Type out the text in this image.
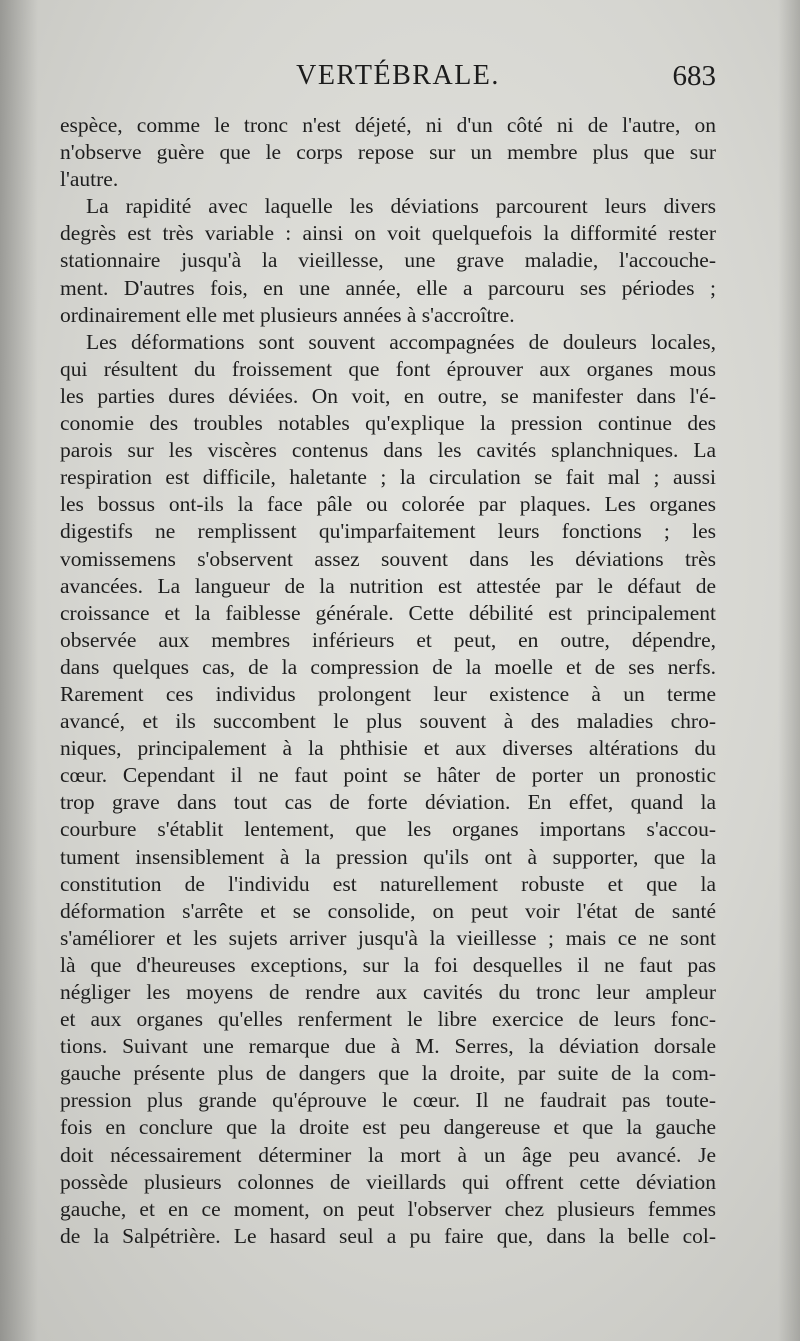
VERTÉBRALE.	683
espèce, comme le tronc n'est déjeté, ni d'un côté ni de l'autre, on
n'observe guère que le corps repose sur un membre plus que sur
l'autre.
La rapidité avec laquelle les déviations parcourent leurs divers
degrès est très variable : ainsi on voit quelquefois la difformité rester
stationnaire jusqu'à la vieillesse, une grave maladie, l'accouche-
ment. D'autres fois, en une année, elle a parcouru ses périodes ;
ordinairement elle met plusieurs années à s'accroître.
Les déformations sont souvent accompagnées de douleurs locales,
qui résultent du froissement que font éprouver aux organes mous
les parties dures déviées. On voit, en outre, se manifester dans l'é-
conomie des troubles notables qu'explique la pression continue des
parois sur les viscères contenus dans les cavités splanchniques. La
respiration est difficile, haletante ; la circulation se fait mal ; aussi
les bossus ont-ils la face pâle ou colorée par plaques. Les organes
digestifs ne remplissent qu'imparfaitement leurs fonctions ; les
vomissemens s'observent assez souvent dans les déviations très
avancées. La langueur de la nutrition est attestée par le défaut de
croissance et la faiblesse générale. Cette débilité est principalement
observée aux membres inférieurs et peut, en outre, dépendre,
dans quelques cas, de la compression de la moelle et de ses nerfs.
Rarement ces individus prolongent leur existence à un terme
avancé, et ils succombent le plus souvent à des maladies chro-
niques, principalement à la phthisie et aux diverses altérations du
cœur. Cependant il ne faut point se hâter de porter un pronostic
trop grave dans tout cas de forte déviation. En effet, quand la
courbure s'établit lentement, que les organes importans s'accou-
tument insensiblement à la pression qu'ils ont à supporter, que la
constitution de l'individu est naturellement robuste et que la
déformation s'arrête et se consolide, on peut voir l'état de santé
s'améliorer et les sujets arriver jusqu'à la vieillesse ; mais ce ne sont
là que d'heureuses exceptions, sur la foi desquelles il ne faut pas
négliger les moyens de rendre aux cavités du tronc leur ampleur
et aux organes qu'elles renferment le libre exercice de leurs fonc-
tions. Suivant une remarque due à M. Serres, la déviation dorsale
gauche présente plus de dangers que la droite, par suite de la com-
pression plus grande qu'éprouve le cœur. Il ne faudrait pas toute-
fois en conclure que la droite est peu dangereuse et que la gauche
doit nécessairement déterminer la mort à un âge peu avancé. Je
possède plusieurs colonnes de vieillards qui offrent cette déviation
gauche, et en ce moment, on peut l'observer chez plusieurs femmes
de la Salpétrière. Le hasard seul a pu faire que, dans la belle col-
